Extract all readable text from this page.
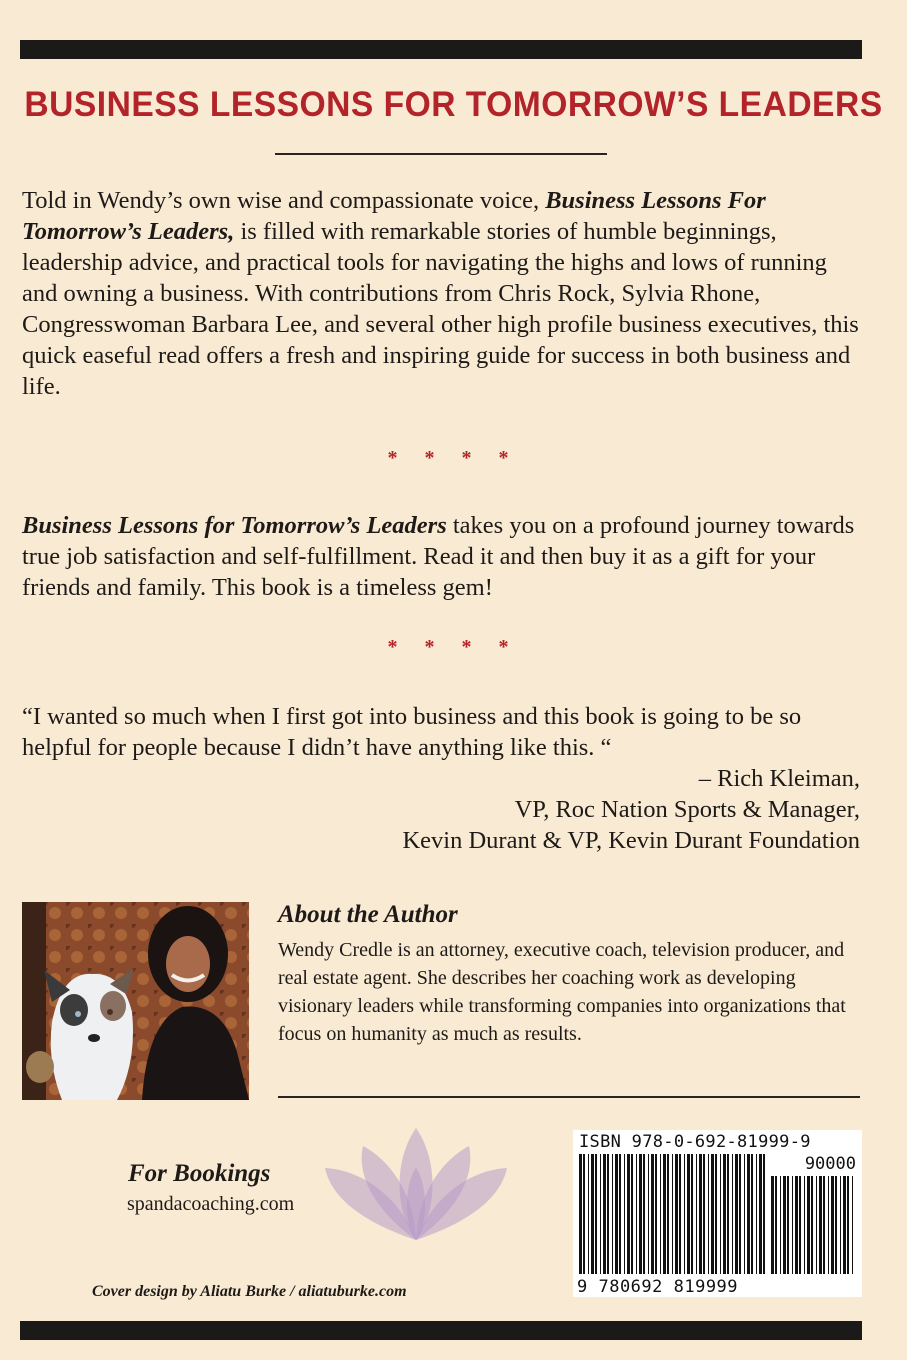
BUSINESS LESSONS FOR TOMORROW’S LEADERS

Told in Wendy’s own wise and compassionate voice, Business Lessons For Tomorrow’s Leaders, is filled with remarkable stories of humble beginnings, leadership advice, and practical tools for navigating the highs and lows of running and owning a business. With contributions from Chris Rock, Sylvia Rhone, Congresswoman Barbara Lee, and several other high profile business executives, this quick easeful read offers a fresh and inspiring guide for success in both business and life.

* * * *

Business Lessons for Tomorrow’s Leaders takes you on a profound journey towards true job satisfaction and self-fulfillment. Read it and then buy it as a gift for your friends and family. This book is a timeless gem!

* * * *

“I wanted so much when I first got into business and this book is going to be so helpful for people because I didn’t have anything like this. “

– Rich Kleiman,
VP, Roc Nation Sports & Manager,
Kevin Durant & VP, Kevin Durant Foundation
About the Author

Wendy Credle is an attorney, executive coach, television producer, and real estate agent. She describes her coaching work as developing visionary leaders while transforming companies into organizations that focus on humanity as much as results.

For Bookings

spandacoaching.com

ISBN 978-0-692-81999-9
90000
9 780692 819999

Cover design by Aliatu Burke / aliatuburke.com
